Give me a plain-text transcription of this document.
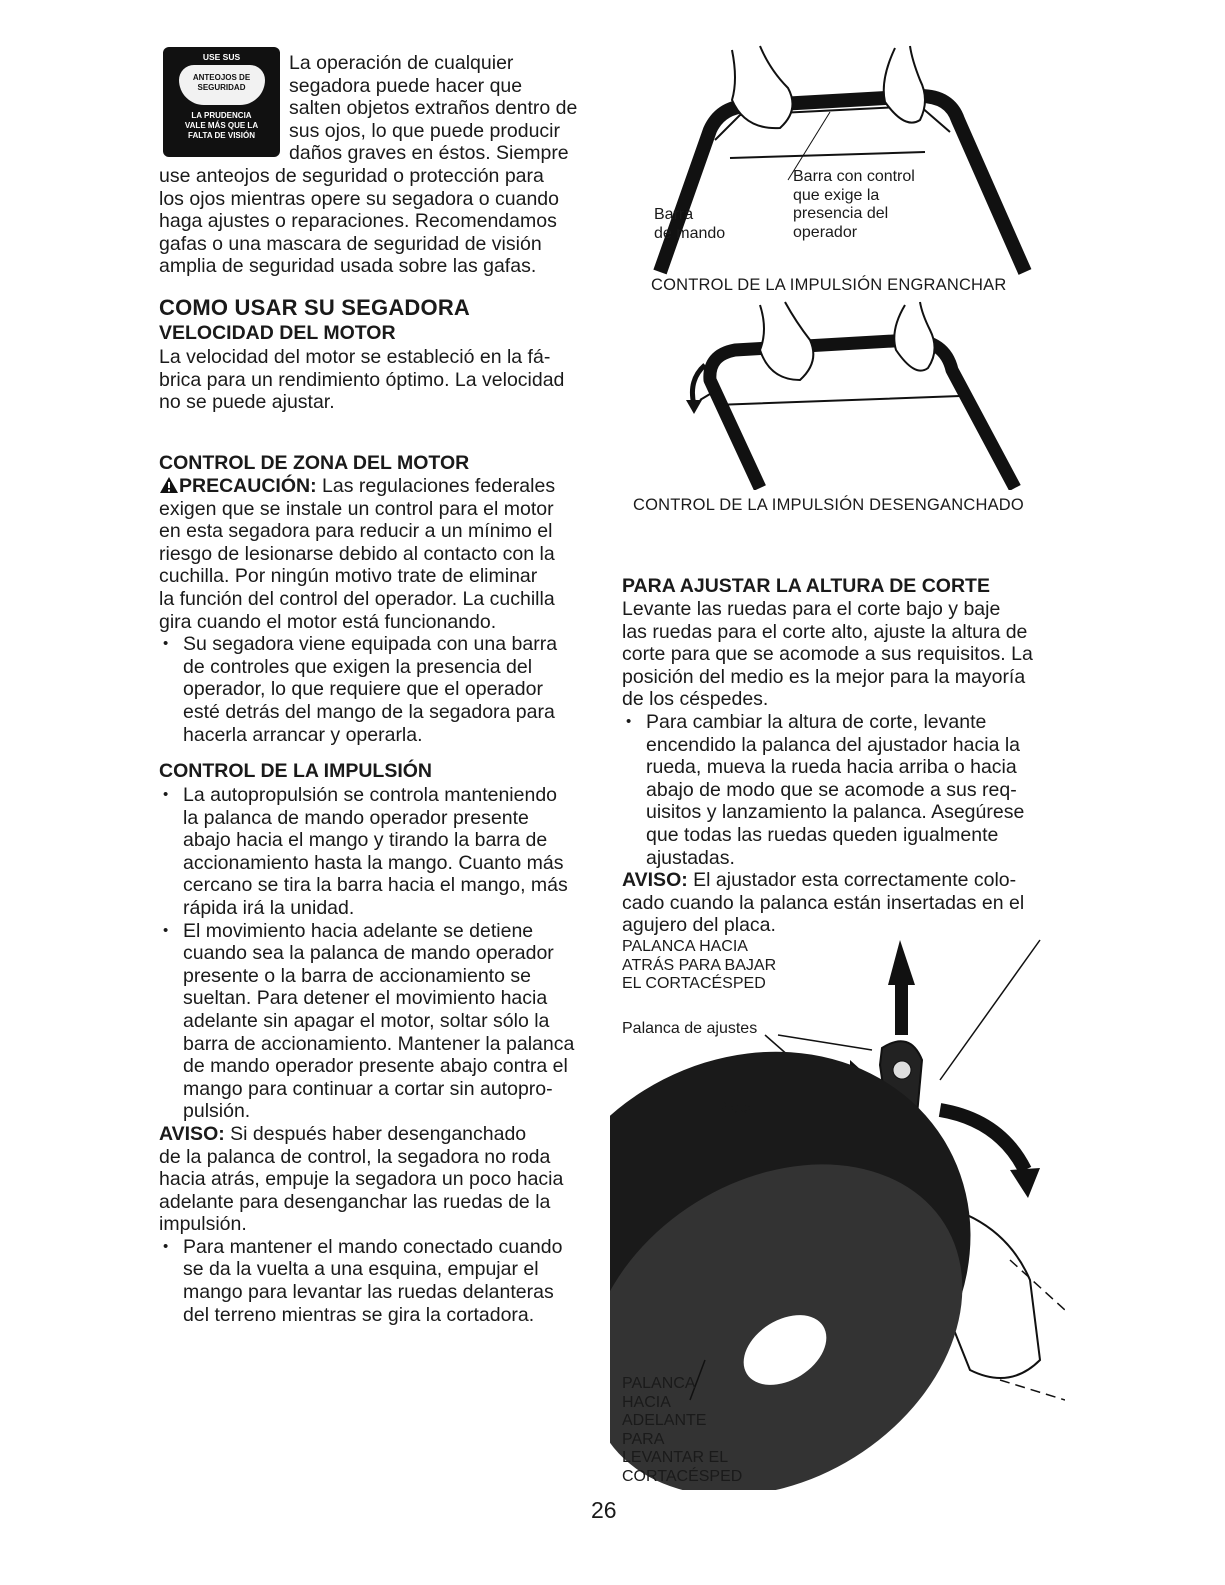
USE SUS
ANTEOJOS DE
SEGURIDAD
LA PRUDENCIA
VALE MÁS QUE LA
FALTA DE VISIÓN
La operación de cualquier
segadora puede hacer que
salten objetos extraños dentro de
sus ojos, lo que puede producir
daños graves en éstos. Siempre
use anteojos de seguridad o protección para
los ojos mientras opere su segadora o cuando
haga ajustes o reparaciones. Recomendamos
gafas o una mascara de seguridad de visión
amplia de seguridad usada sobre las gafas.
COMO USAR SU SEGADORA
VELOCIDAD DEL MOTOR
La velocidad del motor se estableció en la fá-
brica para un rendimiento óptimo. La velocidad
no se puede ajustar.
CONTROL DE ZONA DEL MOTOR
PRECAUCIÓN: Las regulaciones federales
exigen que se instale un control para el motor
en esta segadora para reducir a un mínimo el
riesgo de lesionarse debido al contacto con la
cuchilla. Por ningún motivo trate de eliminar
la función del control del operador. La cuchilla
gira cuando el motor está funcionando.
• Su segadora viene equipada con una barra
de controles que exigen la presencia del
operador, lo que requiere que el operador
esté detrás del mango de la segadora para
hacerla arrancar y operarla.
CONTROL DE LA IMPULSIÓN
• La autopropulsión se controla manteniendo
la palanca de mando operador presente
abajo hacia el mango y tirando la barra de
accionamiento hasta la mango. Cuanto más
cercano se tira la barra hacia el mango, más
rápida irá la unidad.
• El movimiento hacia adelante se detiene
cuando sea la palanca de mando operador
presente o la barra de accionamiento se
sueltan. Para detener el movimiento hacia
adelante sin apagar el motor, soltar sólo la
barra de accionamiento. Mantener la palanca
de mando operador presente abajo contra el
mango para continuar a cortar sin autopro-
pulsión.
AVISO: Si después haber desenganchado
de la palanca de control, la segadora no roda
hacia atrás, empuje la segadora un poco hacia
adelante para desenganchar las ruedas de la
impulsión.
• Para mantener el mando conectado cuando
se da la vuelta a una esquina, empujar el
mango para levantar las ruedas delanteras
del terreno mientras se gira la cortadora.
Barra
de mando
Barra con control
que exige la
presencia del
operador
CONTROL DE LA IMPULSIÓN ENGRANCHAR
CONTROL DE LA IMPULSIÓN DESENGANCHADO
PARA AJUSTAR LA ALTURA DE CORTE
Levante las ruedas para el corte bajo y baje
las ruedas para el corte alto, ajuste la altura de
corte para que se acomode a sus requisitos. La
posición del medio es la mejor para la mayoría
de los céspedes.
• Para cambiar la altura de corte, levante
encendido la palanca del ajustador hacia la
rueda, mueva la rueda hacia arriba o hacia
abajo de modo que se acomode a sus req-
uisitos y lanzamiento la palanca. Asegúrese
que todas las ruedas queden igualmente
ajustadas.
AVISO: El ajustador esta correctamente colo-
cado cuando la palanca están insertadas en el
agujero del placa.
PALANCA HACIA
ATRÁS PARA BAJAR
EL CORTACÉSPED
Palanca de ajustes
Placa
PALANCA
HACIA
ADELANTE
PARA
LEVANTAR EL
CORTACÉSPED
26
